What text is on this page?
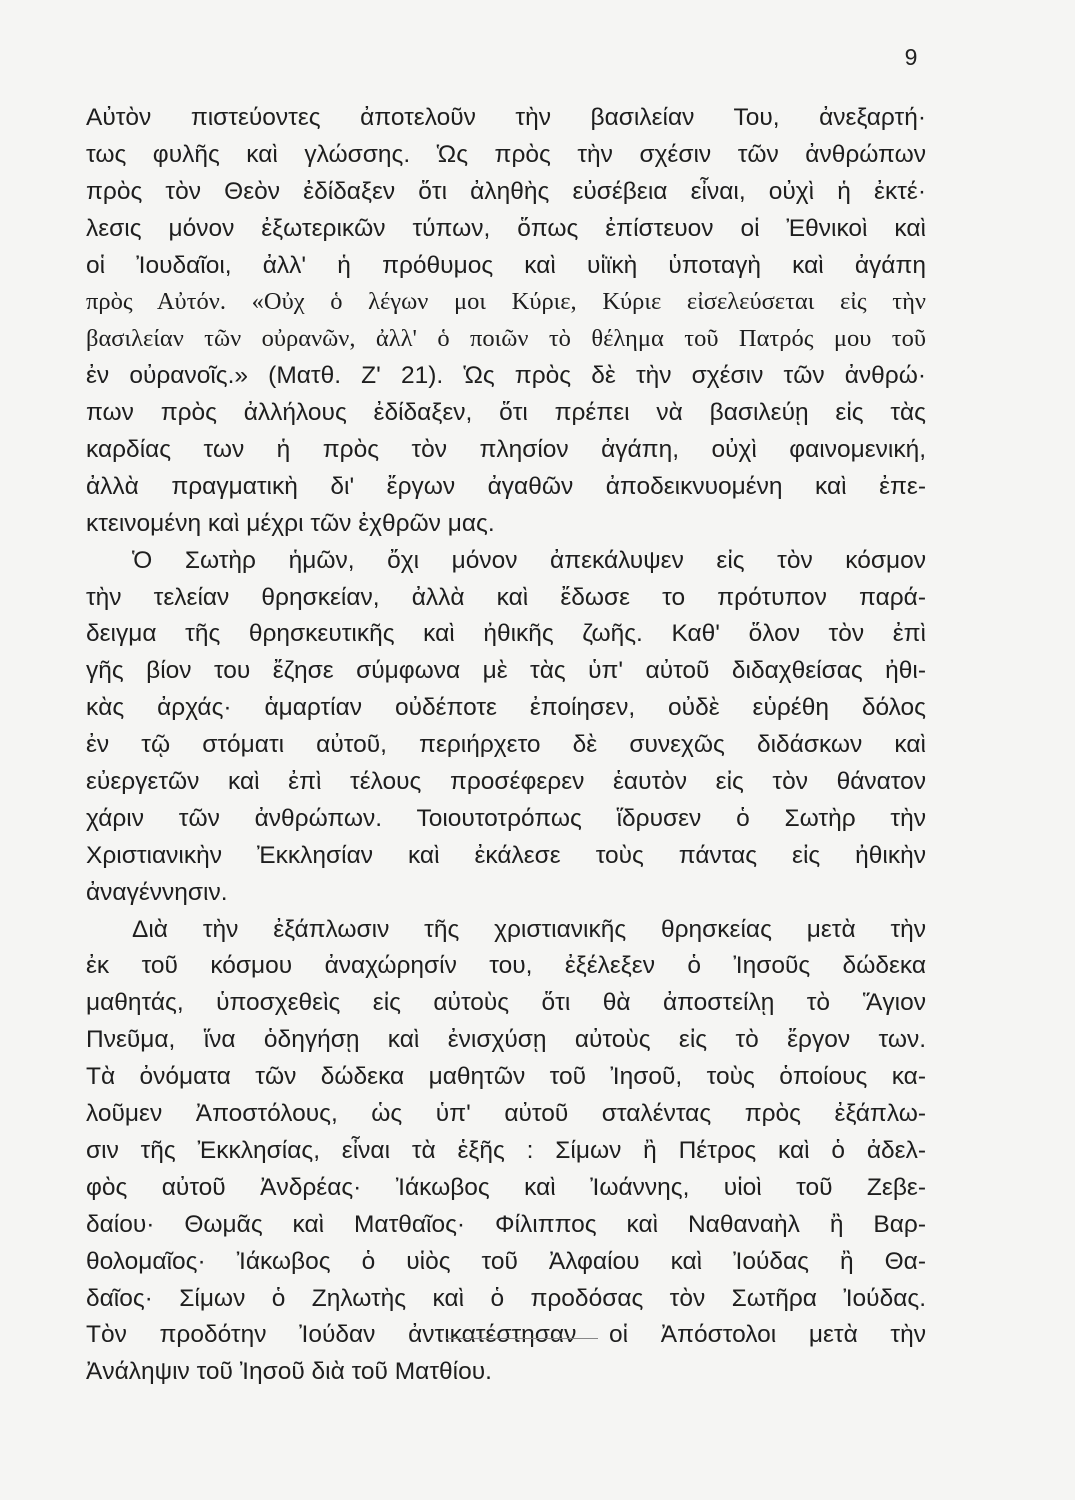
9
Αὐτὸν πιστεύοντες ἀποτελοῦν τὴν βασιλείαν Του, ἀνεξαρτή·
τως φυλῆς καὶ γλώσσης. Ὡς πρὸς τὴν σχέσιν τῶν ἀνθρώπων
πρὸς τὸν Θεὸν ἐδίδαξεν ὅτι ἀληθὴς εὐσέβεια εἶναι, οὐχὶ ἡ ἐκτέ·
λεσις μόνον ἐξωτερικῶν τύπων, ὅπως ἐπίστευον οἱ Ἐθνικοὶ καὶ
οἱ Ἰουδαῖοι, ἀλλ' ἡ πρόθυμος καὶ υἱϊκὴ ὑποταγὴ καὶ ἀγάπη
πρὸς Αὐτόν. «Οὐχ ὁ λέγων μοι Κύριε, Κύριε εἰσελεύσεται εἰς τὴν
βασιλείαν τῶν οὐρανῶν, ἀλλ' ὁ ποιῶν τὸ θέλημα τοῦ Πατρός μου τοῦ
ἐν οὐρανοῖς.» (Ματθ. Ζ' 21). Ὡς πρὸς δὲ τὴν σχέσιν τῶν ἀνθρώ·
πων πρὸς ἀλλήλους ἐδίδαξεν, ὅτι πρέπει νὰ βασιλεύῃ εἰς τὰς
καρδίας των ἡ πρὸς τὸν πλησίον ἀγάπη, οὐχὶ φαινομενική,
ἀλλὰ πραγματικὴ δι' ἔργων ἀγαθῶν ἀποδεικνυομένη καὶ ἐπε-
κτεινομένη καὶ μέχρι τῶν ἐχθρῶν μας.
Ὁ Σωτὴρ ἡμῶν, ὄχι μόνον ἀπεκάλυψεν εἰς τὸν κόσμον
τὴν τελείαν θρησκείαν, ἀλλὰ καὶ ἔδωσε το πρότυπον παρά-
δειγμα τῆς θρησκευτικῆς καὶ ἠθικῆς ζωῆς. Καθ' ὅλον τὸν ἐπὶ
γῆς βίον του ἔζησε σύμφωνα μὲ τὰς ὑπ' αὐτοῦ διδαχθείσας ἠθι-
κὰς ἀρχάς· ἁμαρτίαν οὐδέποτε ἐποίησεν, οὐδὲ εὑρέθη δόλος
ἐν τῷ στόματι αὐτοῦ, περιήρχετο δὲ συνεχῶς διδάσκων καὶ
εὐεργετῶν καὶ ἐπὶ τέλους προσέφερεν ἑαυτὸν εἰς τὸν θάνατον
χάριν τῶν ἀνθρώπων. Τοιουτοτρόπως ἵδρυσεν ὁ Σωτὴρ τὴν
Χριστιανικὴν Ἐκκλησίαν καὶ ἐκάλεσε τοὺς πάντας εἰς ἠθικὴν
ἀναγέννησιν.
Διὰ τὴν ἐξάπλωσιν τῆς χριστιανικῆς θρησκείας μετὰ τὴν
ἐκ τοῦ κόσμου ἀναχώρησίν του, ἐξέλεξεν ὁ Ἰησοῦς δώδεκα
μαθητάς, ὑποσχεθεὶς εἰς αὐτοὺς ὅτι θὰ ἀποστείλῃ τὸ Ἅγιον
Πνεῦμα, ἵνα ὁδηγήσῃ καὶ ἐνισχύσῃ αὐτοὺς εἰς τὸ ἔργον των.
Τὰ ὀνόματα τῶν δώδεκα μαθητῶν τοῦ Ἰησοῦ, τοὺς ὁποίους κα-
λοῦμεν Ἀποστόλους, ὡς ὑπ' αὐτοῦ σταλέντας πρὸς ἐξάπλω-
σιν τῆς Ἐκκλησίας, εἶναι τὰ ἑξῆς : Σίμων ἢ Πέτρος καὶ ὁ ἀδελ-
φὸς αὐτοῦ Ἀνδρέας· Ἰάκωβος καὶ Ἰωάννης, υἱοὶ τοῦ Ζεβε-
δαίου· Θωμᾶς καὶ Ματθαῖος· Φίλιππος καὶ Ναθαναὴλ ἢ Βαρ-
θολομαῖος· Ἰάκωβος ὁ υἱὸς τοῦ Ἀλφαίου καὶ Ἰούδας ἢ Θα-
δαῖος· Σίμων ὁ Ζηλωτὴς καὶ ὁ προδόσας τὸν Σωτῆρα Ἰούδας.
Τὸν προδότην Ἰούδαν ἀντικατέστησαν οἱ Ἀπόστολοι μετὰ τὴν
Ἀνάληψιν τοῦ Ἰησοῦ διὰ τοῦ Ματθίου.
